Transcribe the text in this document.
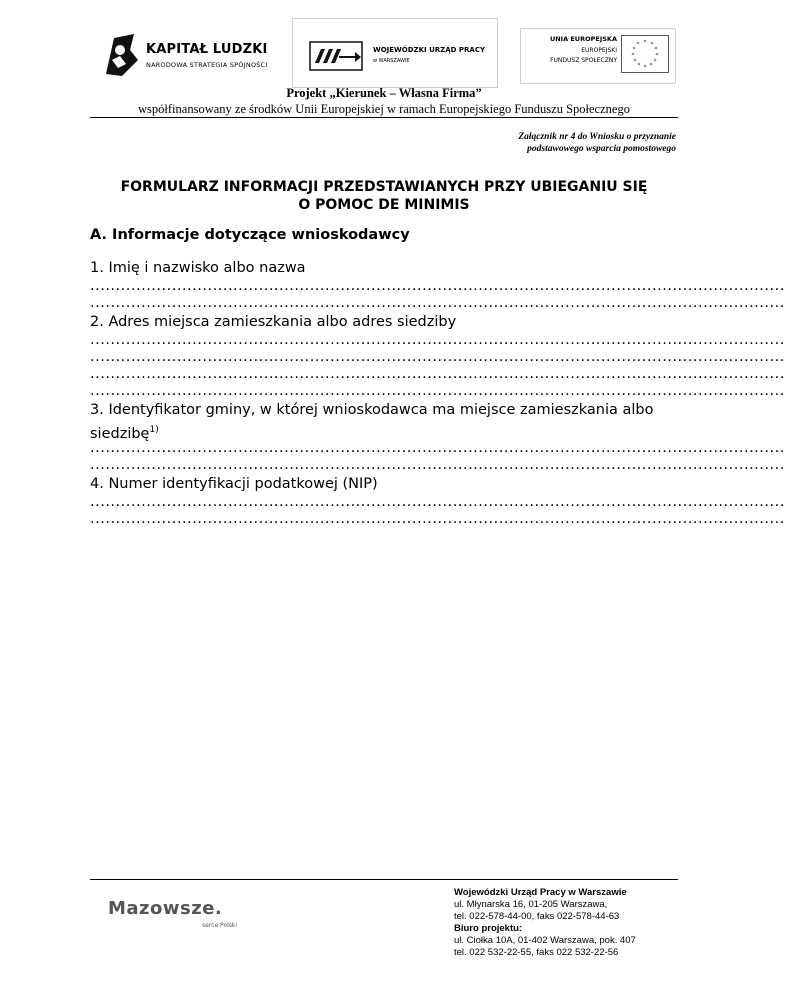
KAPITAŁ LUDZKI
NARODOWA STRATEGIA SPÓJNOŚCI
WOJEWÓDZKI URZĄD PRACY
w WARSZAWIE
UNIA EUROPEJSKA
EUROPEJSKI
FUNDUSZ SPOŁECZNY
* *
*
*
*
*
*
*
*
*
*
*
Projekt „Kierunek – Własna Firma”
współfinansowany ze środków Unii Europejskiej w ramach Europejskiego Funduszu Społecznego
Załącznik nr 4 do Wniosku o przyznanie
podstawowego wsparcia pomostowego
FORMULARZ INFORMACJI PRZEDSTAWIANYCH PRZY UBIEGANIU SIĘ
O POMOC DE MINIMIS
A. Informacje dotyczące wnioskodawcy
1. Imię i nazwisko albo nazwa
........................................................................................................................................
........................................................................................................................................
2. Adres miejsca zamieszkania albo adres siedziby
........................................................................................................................................
........................................................................................................................................
........................................................................................................................................
........................................................................................................................................
3. Identyfikator gminy, w której wnioskodawca ma miejsce zamieszkania albo
siedzibę$^{1)}$
........................................................................................................................................
........................................................................................................................................
4. Numer identyfikacji podatkowej (NIP)
........................................................................................................................................
........................................................................................................................................
Mazowsze.
serce Polski
Wojewódzki Urząd Pracy w Warszawie
ul. Młynarska 16, 01-205 Warszawa,
tel. 022-578-44-00, faks 022-578-44-63
Biuro projektu:
ul. Ciołka 10A, 01-402 Warszawa, pok. 407
tel. 022 532-22-55, faks 022 532-22-56
